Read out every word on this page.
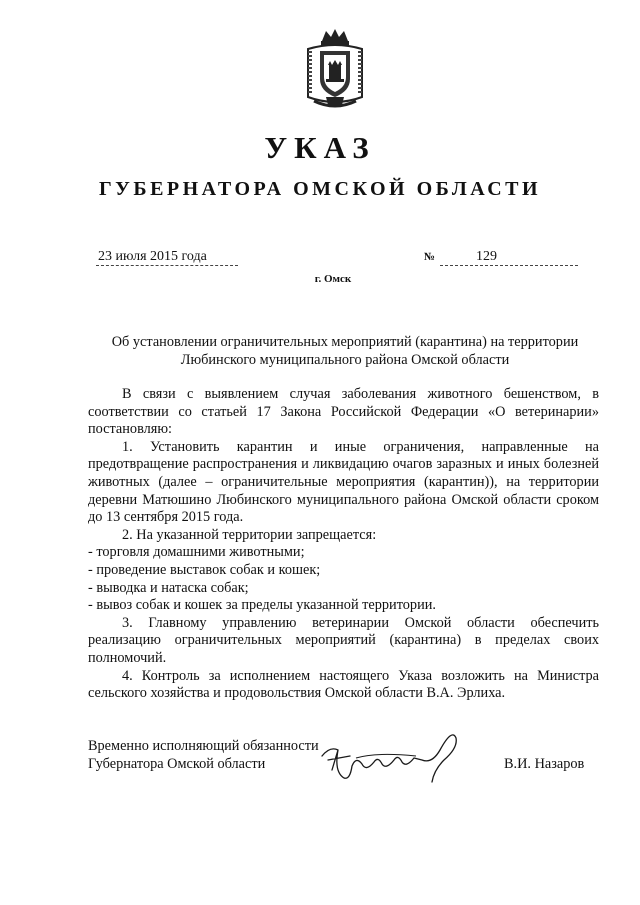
УКАЗ
ГУБЕРНАТОРА ОМСКОЙ ОБЛАСТИ
23 июля 2015 года	№	129
г. Омск
Об установлении ограничительных мероприятий (карантина) на территории Любинского муниципального района Омской области

В связи с выявлением случая заболевания животного бешенством, в соответствии со статьей 17 Закона Российской Федерации «О ветеринарии» постановляю:

1. Установить карантин и иные ограничения, направленные на предотвращение распространения и ликвидацию очагов заразных и иных болезней животных (далее – ограничительные мероприятия (карантин)), на территории деревни Матюшино Любинского муниципального района Омской области сроком до 13 сентября 2015 года.

2. На указанной территории запрещается:

- торговля домашними животными;

- проведение выставок собак и кошек;

- выводка и натаска собак;

- вывоз собак и кошек за пределы указанной территории.

3. Главному управлению ветеринарии Омской области обеспечить реализацию ограничительных мероприятий (карантина) в пределах своих полномочий.

4. Контроль за исполнением настоящего Указа возложить на Министра сельского хозяйства и продовольствия Омской области В.А. Эрлиха.

Временно исполняющий обязанности
Губернатора Омской области	В.И. Назаров
